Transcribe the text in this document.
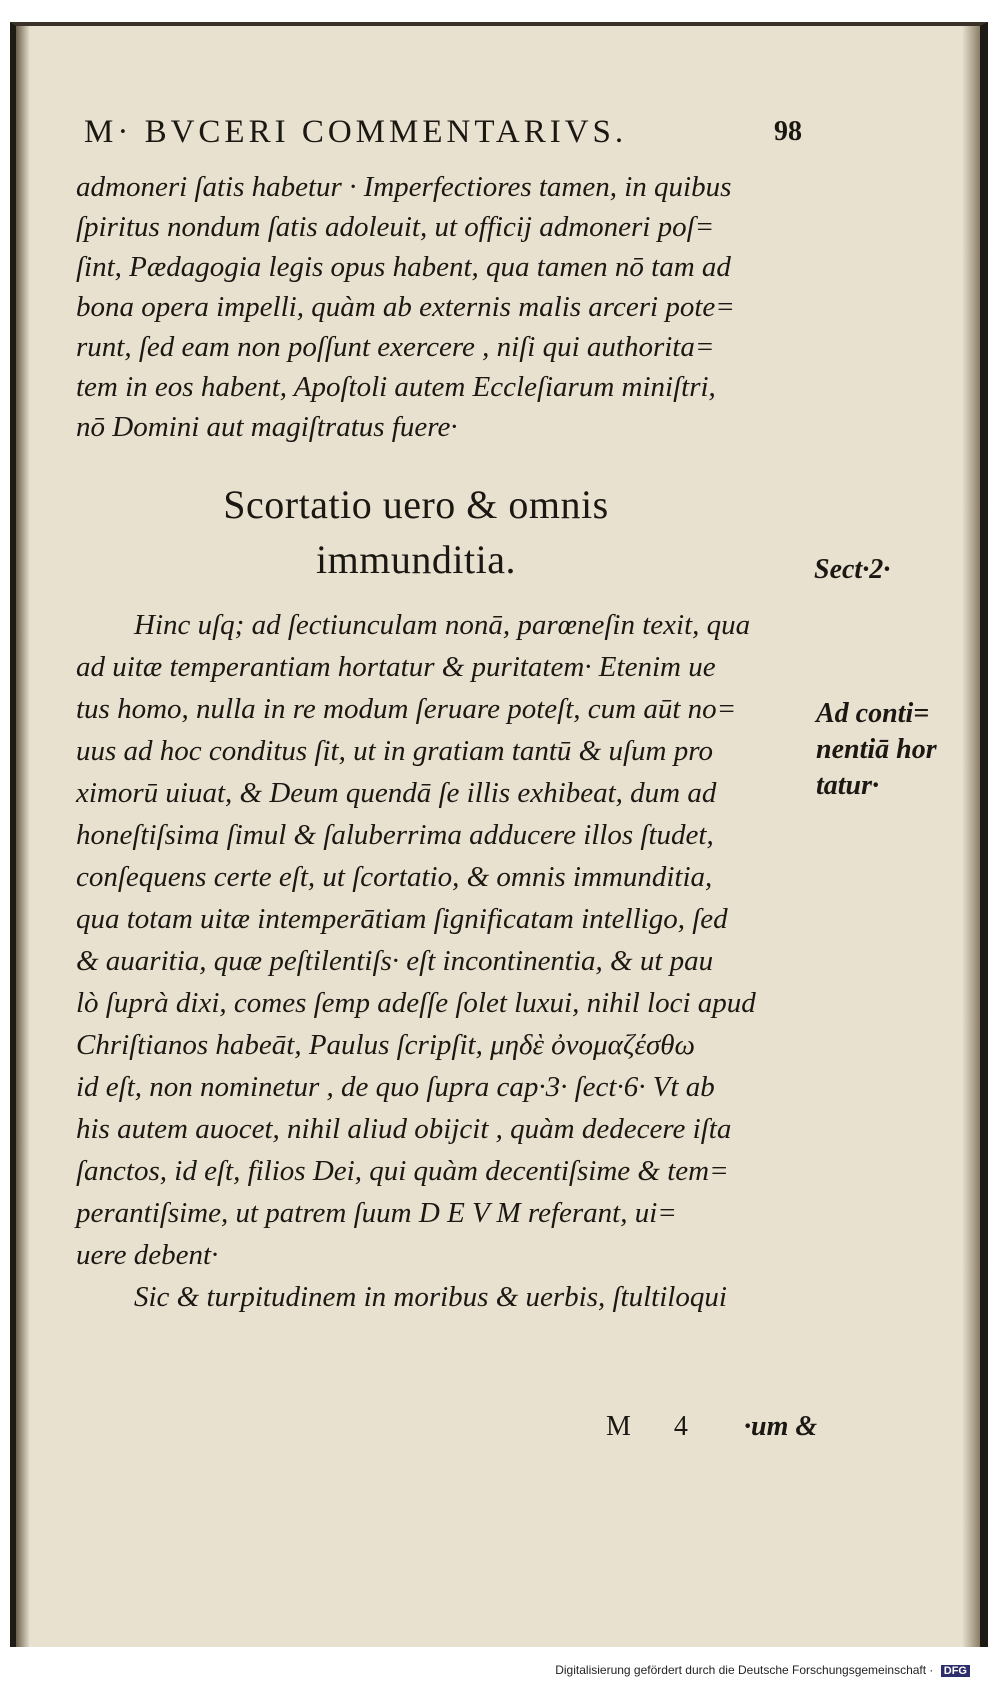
M· BVCERI COMMENTARIVS.	98
admoneri ſatis habetur · Imperfectiores tamen, in quibus
ſpiritus nondum ſatis adoleuit, ut officij admoneri poſ=
ſint, Pædagogia legis opus habent, qua tamen nō tam ad
bona opera impelli, quàm ab externis malis arceri pote=
runt, ſed eam non poſſunt exercere , niſi qui authorita=
tem in eos habent, Apoſtoli autem Eccleſiarum miniſtri,
nō Domini aut magiſtratus fuere·
Scortatio uero & omnis
immunditia.	Sect·2·
Ad conti=
nentiā hor
tatur·
Hinc uſq; ad ſectiunculam nonā, parœneſin texit, qua
ad uitæ temperantiam hortatur & puritatem· Etenim ue
tus homo, nulla in re modum ſeruare poteſt, cum aūt no=
uus ad hoc conditus ſit, ut in gratiam tantū & uſum pro
ximorū uiuat, & Deum quendā ſe illis exhibeat, dum ad
honeſtiſsima ſimul & ſaluberrima adducere illos ſtudet,
conſequens certe eſt, ut ſcortatio, & omnis immunditia,
qua totam uitæ intemperātiam ſignificatam intelligo, ſed
& auaritia, quæ peſtilentiſs· eſt incontinentia, & ut pau
lò ſuprà dixi, comes ſemp adeſſe ſolet luxui, nihil loci apud
Chriſtianos habeāt, Paulus ſcripſit, μηδὲ ὀνομαζέσθω
id eſt, non nominetur , de quo ſupra cap·3· ſect·6· Vt ab
his autem auocet, nihil aliud obijcit , quàm dedecere iſta
ſanctos, id eſt, filios Dei, qui quàm decentiſsime & tem=
perantiſsime, ut patrem ſuum D E V M referant, ui=
uere debent·
Sic & turpitudinem in moribus & uerbis, ſtultiloqui
M 4 ·um &
Digitalisierung gefördert durch die Deutsche Forschungsgemeinschaft · DFG
